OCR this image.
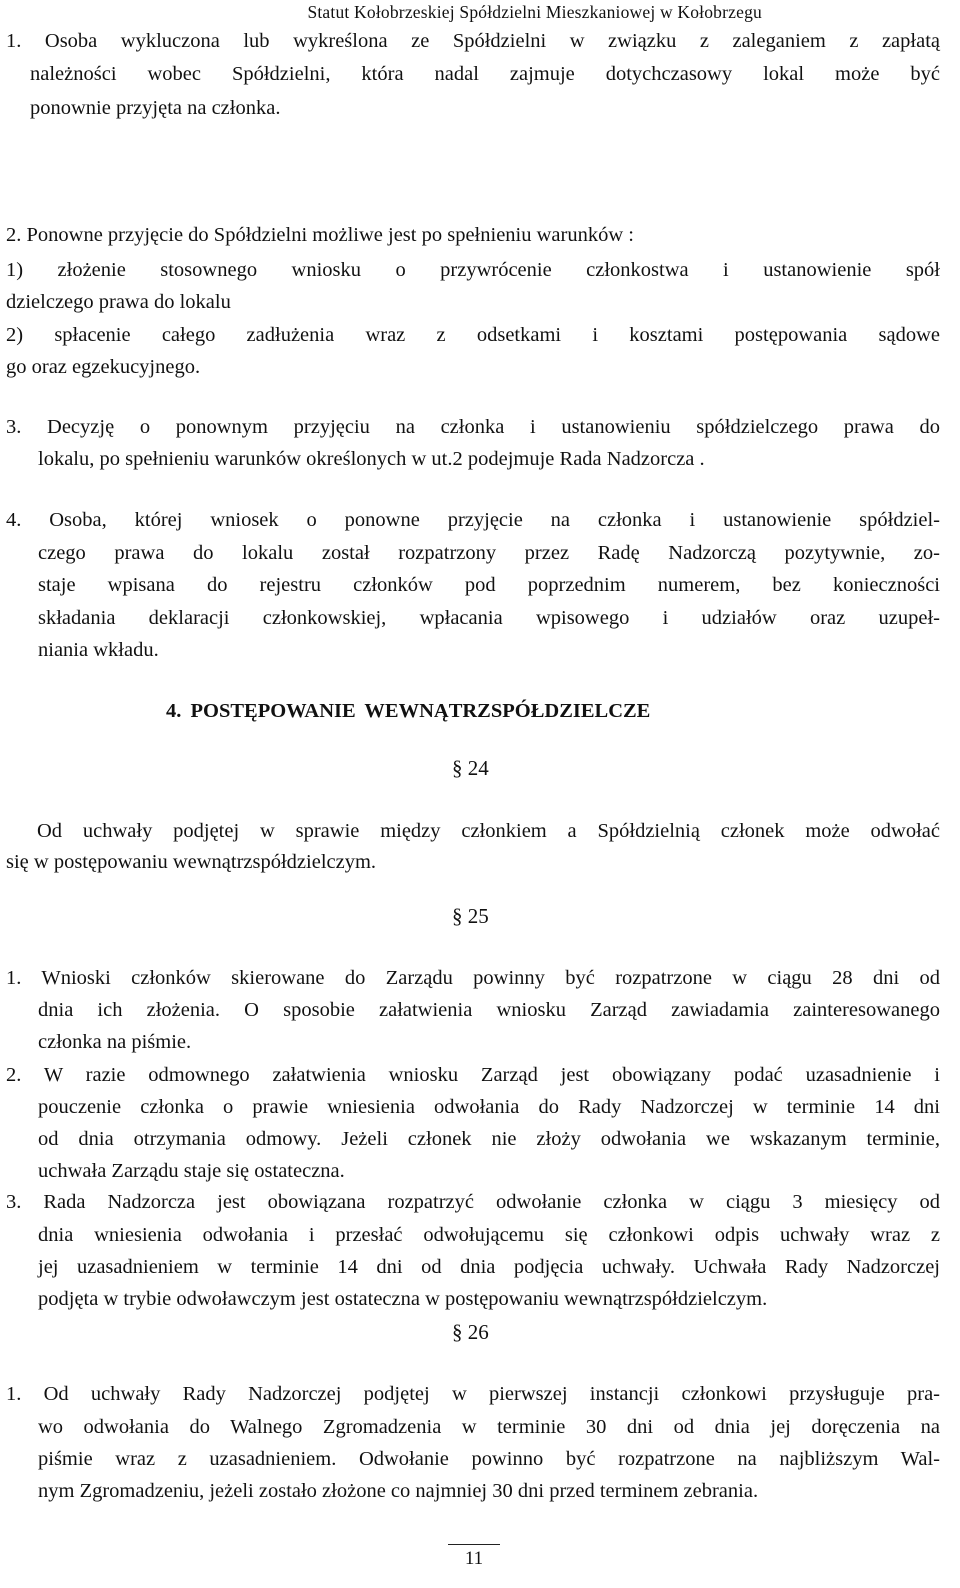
Statut Kołobrzeskiej Spółdzielni Mieszkaniowej w Kołobrzegu
1. Osoba wykluczona lub wykreślona ze Spółdzielni w związku z zaleganiem z zapłatą
należności wobec Spółdzielni, która nadal zajmuje dotychczasowy lokal może być
ponownie przyjęta na członka.
2. Ponowne przyjęcie do Spółdzielni możliwe jest po spełnieniu warunków :
1) złożenie stosownego wniosku o przywrócenie członkostwa i ustanowienie spół
dzielczego prawa do lokalu
2) spłacenie całego zadłużenia wraz z odsetkami i kosztami postępowania sądowe
go oraz egzekucyjnego.
3. Decyzję o ponownym przyjęciu na członka i ustanowieniu spółdzielczego prawa do
lokalu, po spełnieniu warunków określonych w ut.2 podejmuje Rada Nadzorcza .
4. Osoba, której wniosek o ponowne przyjęcie na członka i ustanowienie spółdziel-
czego prawa do lokalu został rozpatrzony przez Radę Nadzorczą pozytywnie, zo-
staje wpisana do rejestru członków pod poprzednim numerem, bez konieczności
składania deklaracji członkowskiej, wpłacania wpisowego i udziałów oraz uzupeł-
niania wkładu.
4. POSTĘPOWANIE WEWNĄTRZSPÓŁDZIELCZE
§ 24
Od uchwały podjętej w sprawie między członkiem a Spółdzielnią członek może odwołać
się w postępowaniu wewnątrzspółdzielczym.
§ 25
1. Wnioski członków skierowane do Zarządu powinny być rozpatrzone w ciągu 28 dni od
dnia ich złożenia. O sposobie załatwienia wniosku Zarząd zawiadamia zainteresowanego
członka na piśmie.
2. W razie odmownego załatwienia wniosku Zarząd jest obowiązany podać uzasadnienie i
pouczenie członka o prawie wniesienia odwołania do Rady Nadzorczej w terminie 14 dni
od dnia otrzymania odmowy. Jeżeli członek nie złoży odwołania we wskazanym terminie,
uchwała Zarządu staje się ostateczna.
3. Rada Nadzorcza jest obowiązana rozpatrzyć odwołanie członka w ciągu 3 miesięcy od
dnia wniesienia odwołania i przesłać odwołującemu się członkowi odpis uchwały wraz z
jej uzasadnieniem w terminie 14 dni od dnia podjęcia uchwały. Uchwała Rady Nadzorczej
podjęta w trybie odwoławczym jest ostateczna w postępowaniu wewnątrzspółdzielczym.
§ 26
1. Od uchwały Rady Nadzorczej podjętej w pierwszej instancji członkowi przysługuje pra-
wo odwołania do Walnego Zgromadzenia w terminie 30 dni od dnia jej doręczenia na
piśmie wraz z uzasadnieniem. Odwołanie powinno być rozpatrzone na najbliższym Wal-
nym Zgromadzeniu, jeżeli zostało złożone co najmniej 30 dni przed terminem zebrania.
11
